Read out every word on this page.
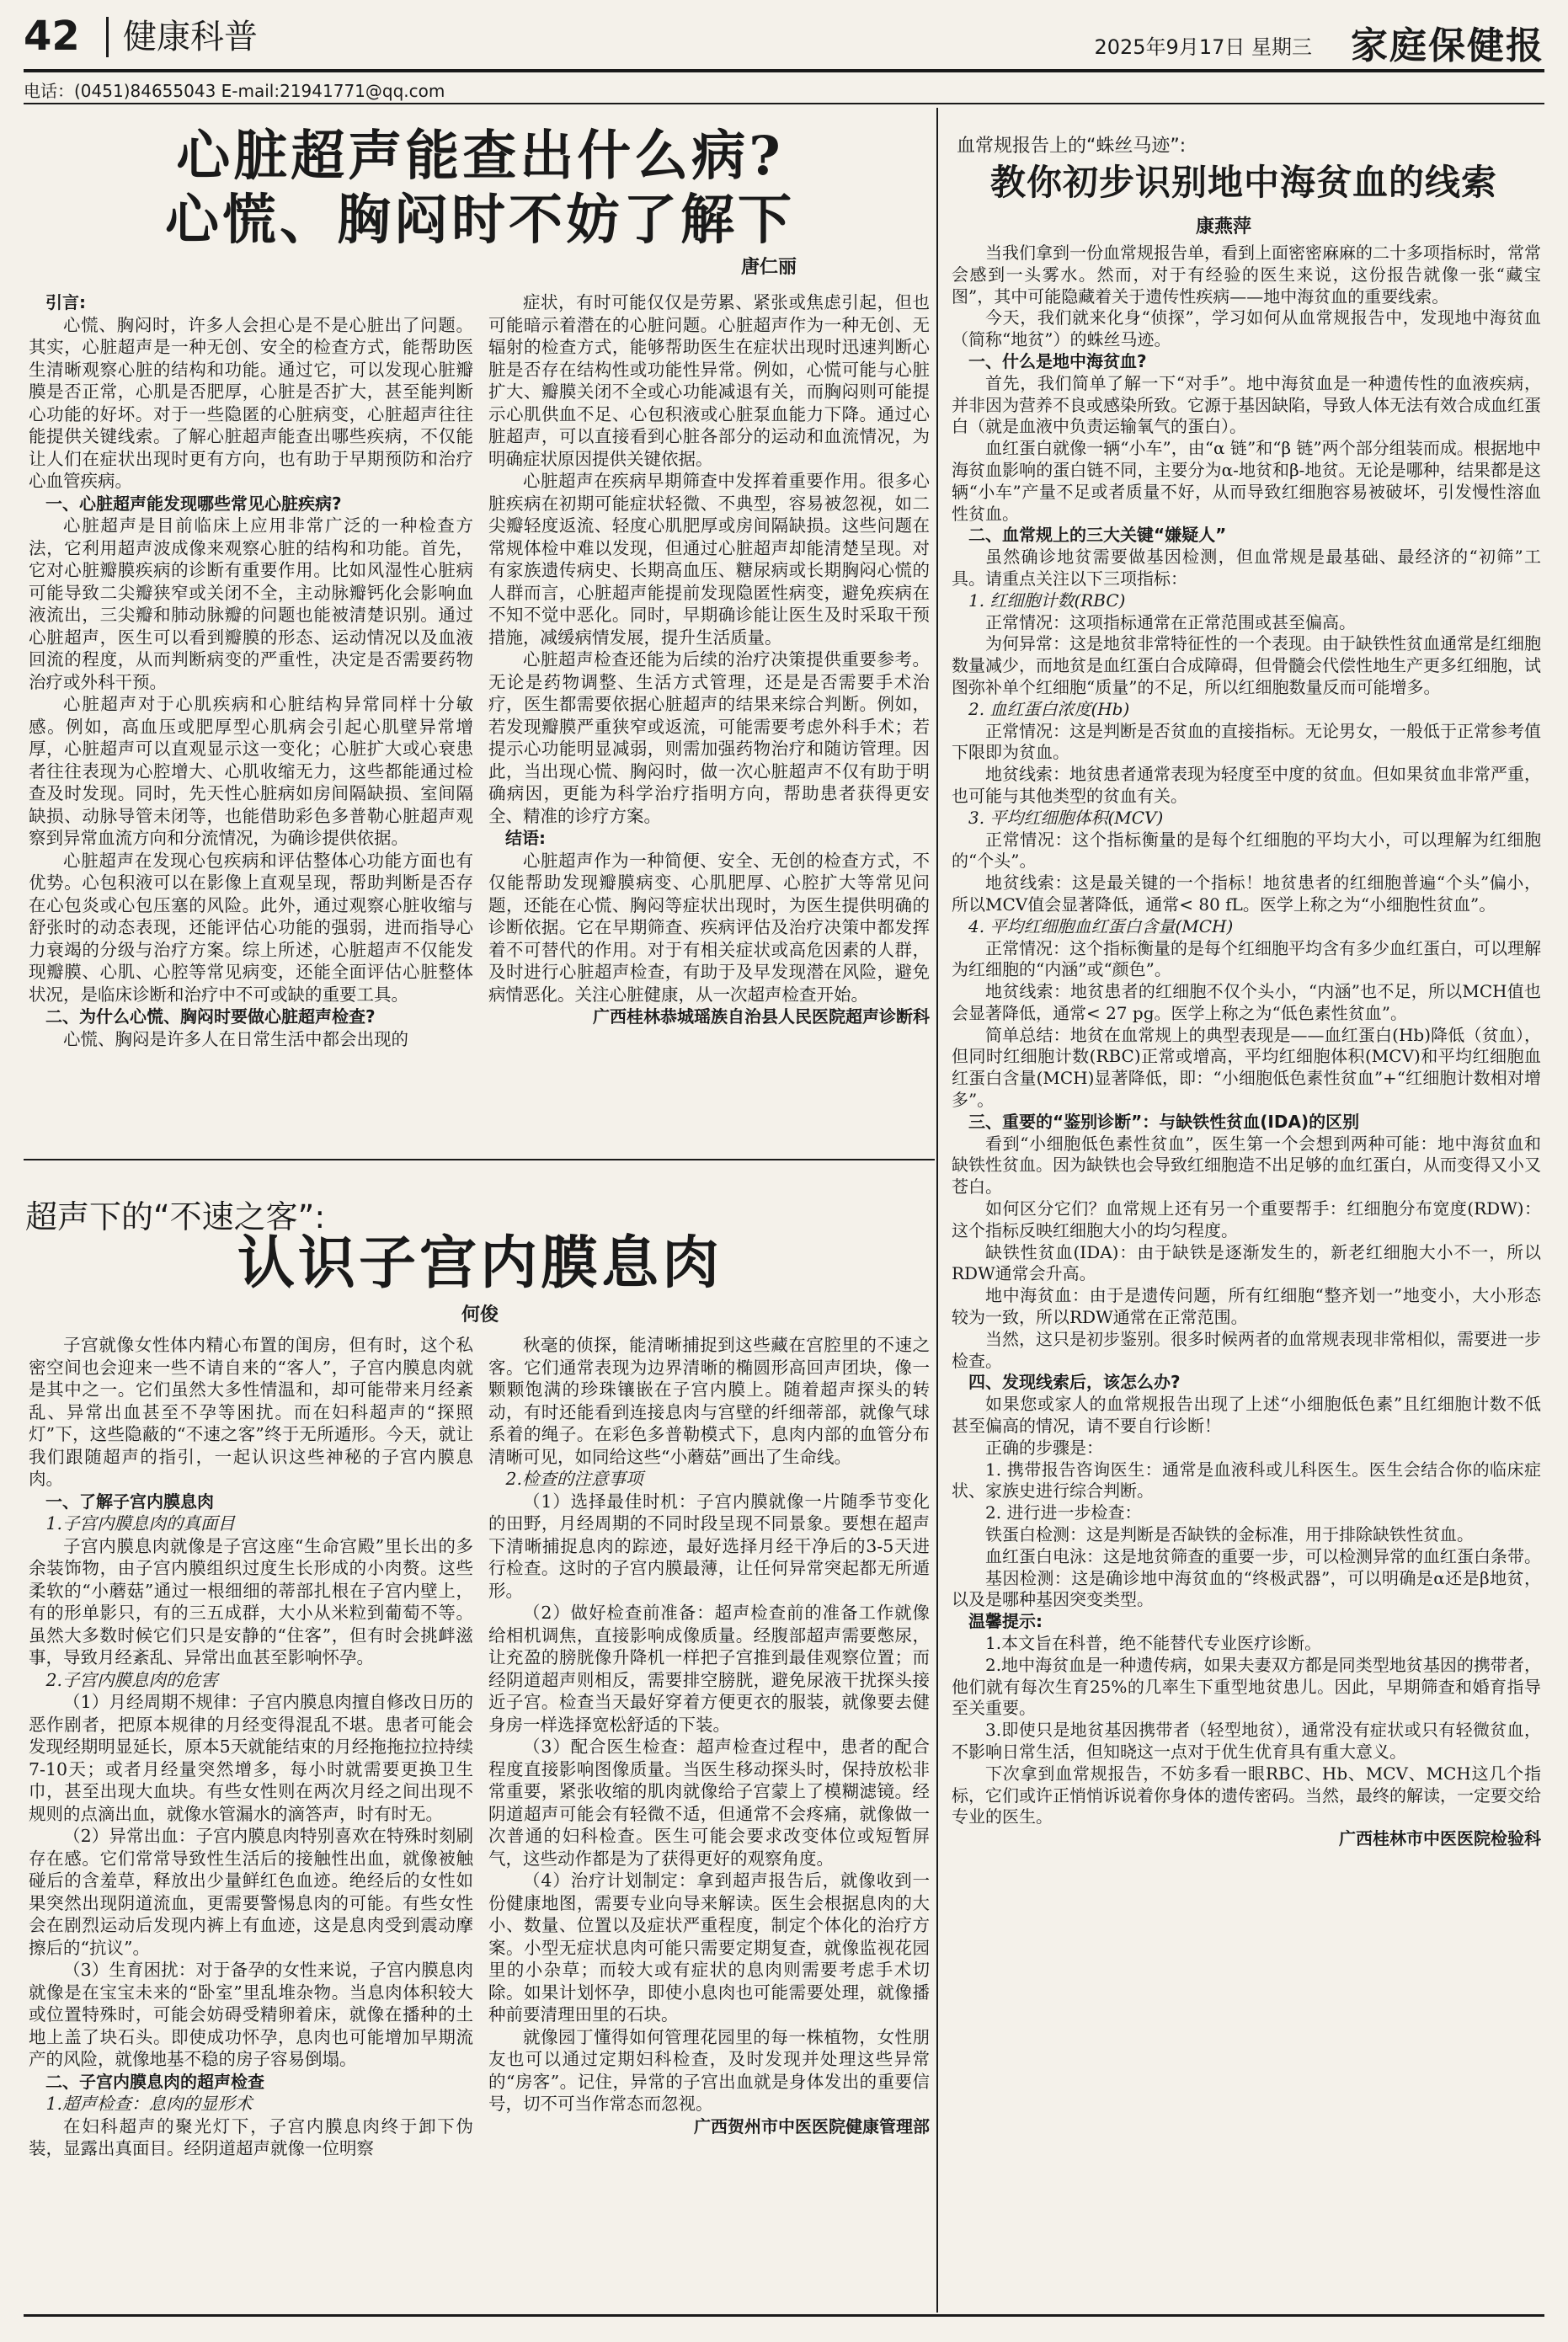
42 健康科普	2025年9月17日 星期三 家庭保健报
电话：(0451)84655043 E-mail:21941771@qq.com
心脏超声能查出什么病?
心慌、胸闷时不妨了解下
唐仁丽

引言:

心慌、胸闷时，许多人会担心是不是心脏出了问题。其实，心脏超声是一种无创、安全的检查方式，能帮助医生清晰观察心脏的结构和功能。通过它，可以发现心脏瓣膜是否正常，心肌是否肥厚，心脏是否扩大，甚至能判断心功能的好坏。对于一些隐匿的心脏病变，心脏超声往往能提供关键线索。了解心脏超声能查出哪些疾病，不仅能让人们在症状出现时更有方向，也有助于早期预防和治疗心血管疾病。

一、心脏超声能发现哪些常见心脏疾病?

心脏超声是目前临床上应用非常广泛的一种检查方法，它利用超声波成像来观察心脏的结构和功能。首先，它对心脏瓣膜疾病的诊断有重要作用。比如风湿性心脏病可能导致二尖瓣狭窄或关闭不全，主动脉瓣钙化会影响血液流出，三尖瓣和肺动脉瓣的问题也能被清楚识别。通过心脏超声，医生可以看到瓣膜的形态、运动情况以及血液回流的程度，从而判断病变的严重性，决定是否需要药物治疗或外科干预。

心脏超声对于心肌疾病和心脏结构异常同样十分敏感。例如，高血压或肥厚型心肌病会引起心肌壁异常增厚，心脏超声可以直观显示这一变化；心脏扩大或心衰患者往往表现为心腔增大、心肌收缩无力，这些都能通过检查及时发现。同时，先天性心脏病如房间隔缺损、室间隔缺损、动脉导管未闭等，也能借助彩色多普勒心脏超声观察到异常血流方向和分流情况，为确诊提供依据。

心脏超声在发现心包疾病和评估整体心功能方面也有优势。心包积液可以在影像上直观呈现，帮助判断是否存在心包炎或心包压塞的风险。此外，通过观察心脏收缩与舒张时的动态表现，还能评估心功能的强弱，进而指导心力衰竭的分级与治疗方案。综上所述，心脏超声不仅能发现瓣膜、心肌、心腔等常见病变，还能全面评估心脏整体状况，是临床诊断和治疗中不可或缺的重要工具。

二、为什么心慌、胸闷时要做心脏超声检查?

心慌、胸闷是许多人在日常生活中都会出现的

症状，有时可能仅仅是劳累、紧张或焦虑引起，但也可能暗示着潜在的心脏问题。心脏超声作为一种无创、无辐射的检查方式，能够帮助医生在症状出现时迅速判断心脏是否存在结构性或功能性异常。例如，心慌可能与心脏扩大、瓣膜关闭不全或心功能减退有关，而胸闷则可能提示心肌供血不足、心包积液或心脏泵血能力下降。通过心脏超声，可以直接看到心脏各部分的运动和血流情况，为明确症状原因提供关键依据。

心脏超声在疾病早期筛查中发挥着重要作用。很多心脏疾病在初期可能症状轻微、不典型，容易被忽视，如二尖瓣轻度返流、轻度心肌肥厚或房间隔缺损。这些问题在常规体检中难以发现，但通过心脏超声却能清楚呈现。对有家族遗传病史、长期高血压、糖尿病或长期胸闷心慌的人群而言，心脏超声能提前发现隐匿性病变，避免疾病在不知不觉中恶化。同时，早期确诊能让医生及时采取干预措施，减缓病情发展，提升生活质量。

心脏超声检查还能为后续的治疗决策提供重要参考。无论是药物调整、生活方式管理，还是是否需要手术治疗，医生都需要依据心脏超声的结果来综合判断。例如，若发现瓣膜严重狭窄或返流，可能需要考虑外科手术；若提示心功能明显减弱，则需加强药物治疗和随访管理。因此，当出现心慌、胸闷时，做一次心脏超声不仅有助于明确病因，更能为科学治疗指明方向，帮助患者获得更安全、精准的诊疗方案。

结语:

心脏超声作为一种简便、安全、无创的检查方式，不仅能帮助发现瓣膜病变、心肌肥厚、心腔扩大等常见问题，还能在心慌、胸闷等症状出现时，为医生提供明确的诊断依据。它在早期筛查、疾病评估及治疗决策中都发挥着不可替代的作用。对于有相关症状或高危因素的人群，及时进行心脏超声检查，有助于及早发现潜在风险，避免病情恶化。关注心脏健康，从一次超声检查开始。

广西桂林恭城瑶族自治县人民医院超声诊断科

超声下的“不速之客”:
认识子宫内膜息肉
何俊

子宫就像女性体内精心布置的闺房，但有时，这个私密空间也会迎来一些不请自来的“客人”，子宫内膜息肉就是其中之一。它们虽然大多性情温和，却可能带来月经紊乱、异常出血甚至不孕等困扰。而在妇科超声的“探照灯”下，这些隐蔽的“不速之客”终于无所遁形。今天，就让我们跟随超声的指引，一起认识这些神秘的子宫内膜息肉。

一、了解子宫内膜息肉

1.子宫内膜息肉的真面目

子宫内膜息肉就像是子宫这座“生命宫殿”里长出的多余装饰物，由子宫内膜组织过度生长形成的小肉赘。这些柔软的“小蘑菇”通过一根细细的蒂部扎根在子宫内壁上，有的形单影只，有的三五成群，大小从米粒到葡萄不等。虽然大多数时候它们只是安静的“住客”，但有时会挑衅滋事，导致月经紊乱、异常出血甚至影响怀孕。

2.子宫内膜息肉的危害

（1）月经周期不规律：子宫内膜息肉擅自修改日历的恶作剧者，把原本规律的月经变得混乱不堪。患者可能会发现经期明显延长，原本5天就能结束的月经拖拖拉拉持续7-10天；或者月经量突然增多，每小时就需要更换卫生巾，甚至出现大血块。有些女性则在两次月经之间出现不规则的点滴出血，就像水管漏水的滴答声，时有时无。

（2）异常出血：子宫内膜息肉特别喜欢在特殊时刻刷存在感。它们常常导致性生活后的接触性出血，就像被触碰后的含羞草，释放出少量鲜红色血迹。绝经后的女性如果突然出现阴道流血，更需要警惕息肉的可能。有些女性会在剧烈运动后发现内裤上有血迹，这是息肉受到震动摩擦后的“抗议”。

（3）生育困扰：对于备孕的女性来说，子宫内膜息肉就像是在宝宝未来的“卧室”里乱堆杂物。当息肉体积较大或位置特殊时，可能会妨碍受精卵着床，就像在播种的土地上盖了块石头。即使成功怀孕，息肉也可能增加早期流产的风险，就像地基不稳的房子容易倒塌。

二、子宫内膜息肉的超声检查

1.超声检查：息肉的显形术

在妇科超声的聚光灯下，子宫内膜息肉终于卸下伪装，显露出真面目。经阴道超声就像一位明察

秋毫的侦探，能清晰捕捉到这些藏在宫腔里的不速之客。它们通常表现为边界清晰的椭圆形高回声团块，像一颗颗饱满的珍珠镶嵌在子宫内膜上。随着超声探头的转动，有时还能看到连接息肉与宫壁的纤细蒂部，就像气球系着的绳子。在彩色多普勒模式下，息肉内部的血管分布清晰可见，如同给这些“小蘑菇”画出了生命线。

2.检查的注意事项

（1）选择最佳时机：子宫内膜就像一片随季节变化的田野，月经周期的不同时段呈现不同景象。要想在超声下清晰捕捉息肉的踪迹，最好选择月经干净后的3-5天进行检查。这时的子宫内膜最薄，让任何异常突起都无所遁形。

（2）做好检查前准备：超声检查前的准备工作就像给相机调焦，直接影响成像质量。经腹部超声需要憋尿，让充盈的膀胱像升降机一样把子宫推到最佳观察位置；而经阴道超声则相反，需要排空膀胱，避免尿液干扰探头接近子宫。检查当天最好穿着方便更衣的服装，就像要去健身房一样选择宽松舒适的下装。

（3）配合医生检查：超声检查过程中，患者的配合程度直接影响图像质量。当医生移动探头时，保持放松非常重要，紧张收缩的肌肉就像给子宫蒙上了模糊滤镜。经阴道超声可能会有轻微不适，但通常不会疼痛，就像做一次普通的妇科检查。医生可能会要求改变体位或短暂屏气，这些动作都是为了获得更好的观察角度。

（4）治疗计划制定：拿到超声报告后，就像收到一份健康地图，需要专业向导来解读。医生会根据息肉的大小、数量、位置以及症状严重程度，制定个体化的治疗方案。小型无症状息肉可能只需要定期复查，就像监视花园里的小杂草；而较大或有症状的息肉则需要考虑手术切除。如果计划怀孕，即使小息肉也可能需要处理，就像播种前要清理田里的石块。

就像园丁懂得如何管理花园里的每一株植物，女性朋友也可以通过定期妇科检查，及时发现并处理这些异常的“房客”。记住，异常的子宫出血就是身体发出的重要信号，切不可当作常态而忽视。

广西贺州市中医医院健康管理部

血常规报告上的“蛛丝马迹”:
教你初步识别地中海贫血的线索
康燕萍

当我们拿到一份血常规报告单，看到上面密密麻麻的二十多项指标时，常常会感到一头雾水。然而，对于有经验的医生来说，这份报告就像一张“藏宝图”，其中可能隐藏着关于遗传性疾病——地中海贫血的重要线索。

今天，我们就来化身“侦探”，学习如何从血常规报告中，发现地中海贫血（简称“地贫”）的蛛丝马迹。

一、什么是地中海贫血?

首先，我们简单了解一下“对手”。地中海贫血是一种遗传性的血液疾病，并非因为营养不良或感染所致。它源于基因缺陷，导致人体无法有效合成血红蛋白（就是血液中负责运输氧气的蛋白）。

血红蛋白就像一辆“小车”，由“α 链”和“β 链”两个部分组装而成。根据地中海贫血影响的蛋白链不同，主要分为α-地贫和β-地贫。无论是哪种，结果都是这辆“小车”产量不足或者质量不好，从而导致红细胞容易被破坏，引发慢性溶血性贫血。

二、血常规上的三大关键“嫌疑人”

虽然确诊地贫需要做基因检测，但血常规是最基础、最经济的“初筛”工具。请重点关注以下三项指标：

1. 红细胞计数(RBC)

正常情况：这项指标通常在正常范围或甚至偏高。

为何异常：这是地贫非常特征性的一个表现。由于缺铁性贫血通常是红细胞数量减少，而地贫是血红蛋白合成障碍，但骨髓会代偿性地生产更多红细胞，试图弥补单个红细胞“质量”的不足，所以红细胞数量反而可能增多。

2. 血红蛋白浓度(Hb)

正常情况：这是判断是否贫血的直接指标。无论男女，一般低于正常参考值下限即为贫血。

地贫线索：地贫患者通常表现为轻度至中度的贫血。但如果贫血非常严重，也可能与其他类型的贫血有关。

3. 平均红细胞体积(MCV)

正常情况：这个指标衡量的是每个红细胞的平均大小，可以理解为红细胞的“个头”。

地贫线索：这是最关键的一个指标！地贫患者的红细胞普遍“个头”偏小，所以MCV值会显著降低，通常< 80 fL。医学上称之为“小细胞性贫血”。

4. 平均红细胞血红蛋白含量(MCH)

正常情况：这个指标衡量的是每个红细胞平均含有多少血红蛋白，可以理解为红细胞的“内涵”或“颜色”。

地贫线索：地贫患者的红细胞不仅个头小，“内涵”也不足，所以MCH值也会显著降低，通常< 27 pg。医学上称之为“低色素性贫血”。

简单总结：地贫在血常规上的典型表现是——血红蛋白(Hb)降低（贫血），但同时红细胞计数(RBC)正常或增高，平均红细胞体积(MCV)和平均红细胞血红蛋白含量(MCH)显著降低，即：“小细胞低色素性贫血”+“红细胞计数相对增多”。

三、重要的“鉴别诊断”：与缺铁性贫血(IDA)的区别

看到“小细胞低色素性贫血”，医生第一个会想到两种可能：地中海贫血和缺铁性贫血。因为缺铁也会导致红细胞造不出足够的血红蛋白，从而变得又小又苍白。

如何区分它们？血常规上还有另一个重要帮手：红细胞分布宽度(RDW)：这个指标反映红细胞大小的均匀程度。

缺铁性贫血(IDA)：由于缺铁是逐渐发生的，新老红细胞大小不一，所以RDW通常会升高。

地中海贫血：由于是遗传问题，所有红细胞“整齐划一”地变小，大小形态较为一致，所以RDW通常在正常范围。

当然，这只是初步鉴别。很多时候两者的血常规表现非常相似，需要进一步检查。

四、发现线索后，该怎么办?

如果您或家人的血常规报告出现了上述“小细胞低色素”且红细胞计数不低甚至偏高的情况，请不要自行诊断！

正确的步骤是：

1. 携带报告咨询医生：通常是血液科或儿科医生。医生会结合你的临床症状、家族史进行综合判断。

2. 进行进一步检查：

铁蛋白检测：这是判断是否缺铁的金标准，用于排除缺铁性贫血。

血红蛋白电泳：这是地贫筛查的重要一步，可以检测异常的血红蛋白条带。

基因检测：这是确诊地中海贫血的“终极武器”，可以明确是α还是β地贫，以及是哪种基因突变类型。

温馨提示:

1.本文旨在科普，绝不能替代专业医疗诊断。

2.地中海贫血是一种遗传病，如果夫妻双方都是同类型地贫基因的携带者，他们就有每次生育25%的几率生下重型地贫患儿。因此，早期筛查和婚育指导至关重要。

3.即使只是地贫基因携带者（轻型地贫），通常没有症状或只有轻微贫血，不影响日常生活，但知晓这一点对于优生优育具有重大意义。

下次拿到血常规报告，不妨多看一眼RBC、Hb、MCV、MCH这几个指标，它们或许正悄悄诉说着你身体的遗传密码。当然，最终的解读，一定要交给专业的医生。

广西桂林市中医医院检验科
